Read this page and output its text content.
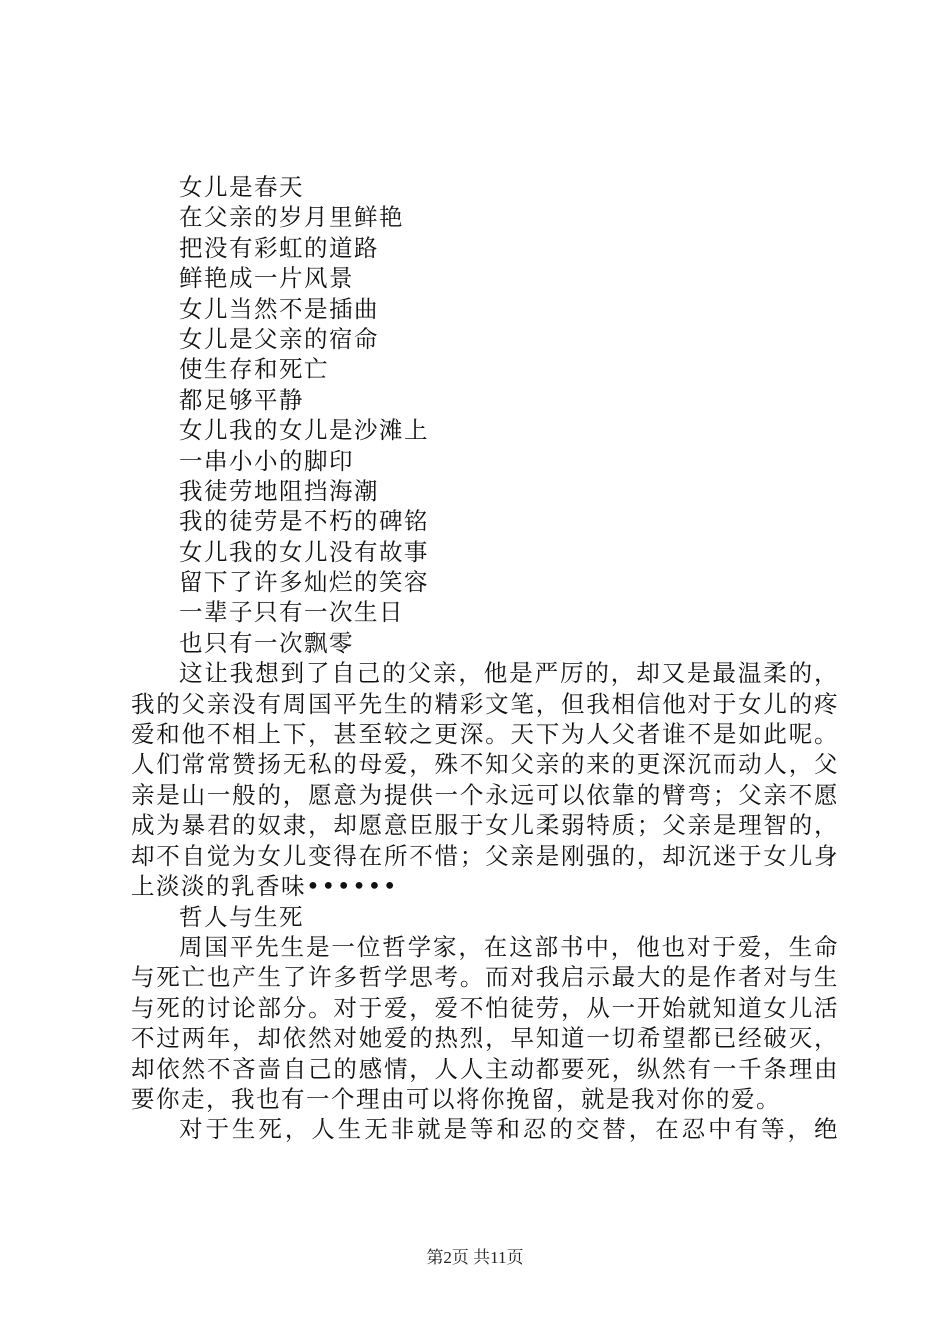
女儿是春天
在父亲的岁月里鲜艳
把没有彩虹的道路
鲜艳成一片风景
女儿当然不是插曲
女儿是父亲的宿命
使生存和死亡
都足够平静
女儿我的女儿是沙滩上
一串小小的脚印
我徒劳地阻挡海潮
我的徒劳是不朽的碑铭
女儿我的女儿没有故事
留下了许多灿烂的笑容
一辈子只有一次生日
也只有一次飘零

这让我想到了自己的父亲，他是严厉的，却又是最温柔的，我的父亲没有周国平先生的精彩文笔，但我相信他对于女儿的疼爱和他不相上下，甚至较之更深。天下为人父者谁不是如此呢。人们常常赞扬无私的母爱，殊不知父亲的来的更深沉而动人，父亲是山一般的，愿意为提供一个永远可以依靠的臂弯；父亲不愿成为暴君的奴隶，却愿意臣服于女儿柔弱特质；父亲是理智的，却不自觉为女儿变得在所不惜；父亲是刚强的，却沉迷于女儿身上淡淡的乳香味••••••

哲人与生死

周国平先生是一位哲学家，在这部书中，他也对于爱，生命与死亡也产生了许多哲学思考。而对我启示最大的是作者对与生与死的讨论部分。对于爱，爱不怕徒劳，从一开始就知道女儿活不过两年，却依然对她爱的热烈，早知道一切希望都已经破灭，却依然不吝啬自己的感情，人人主动都要死，纵然有一千条理由要你走，我也有一个理由可以将你挽留，就是我对你的爱。

对于生死，人生无非就是等和忍的交替，在忍中有等，绝

第2页 共11页
